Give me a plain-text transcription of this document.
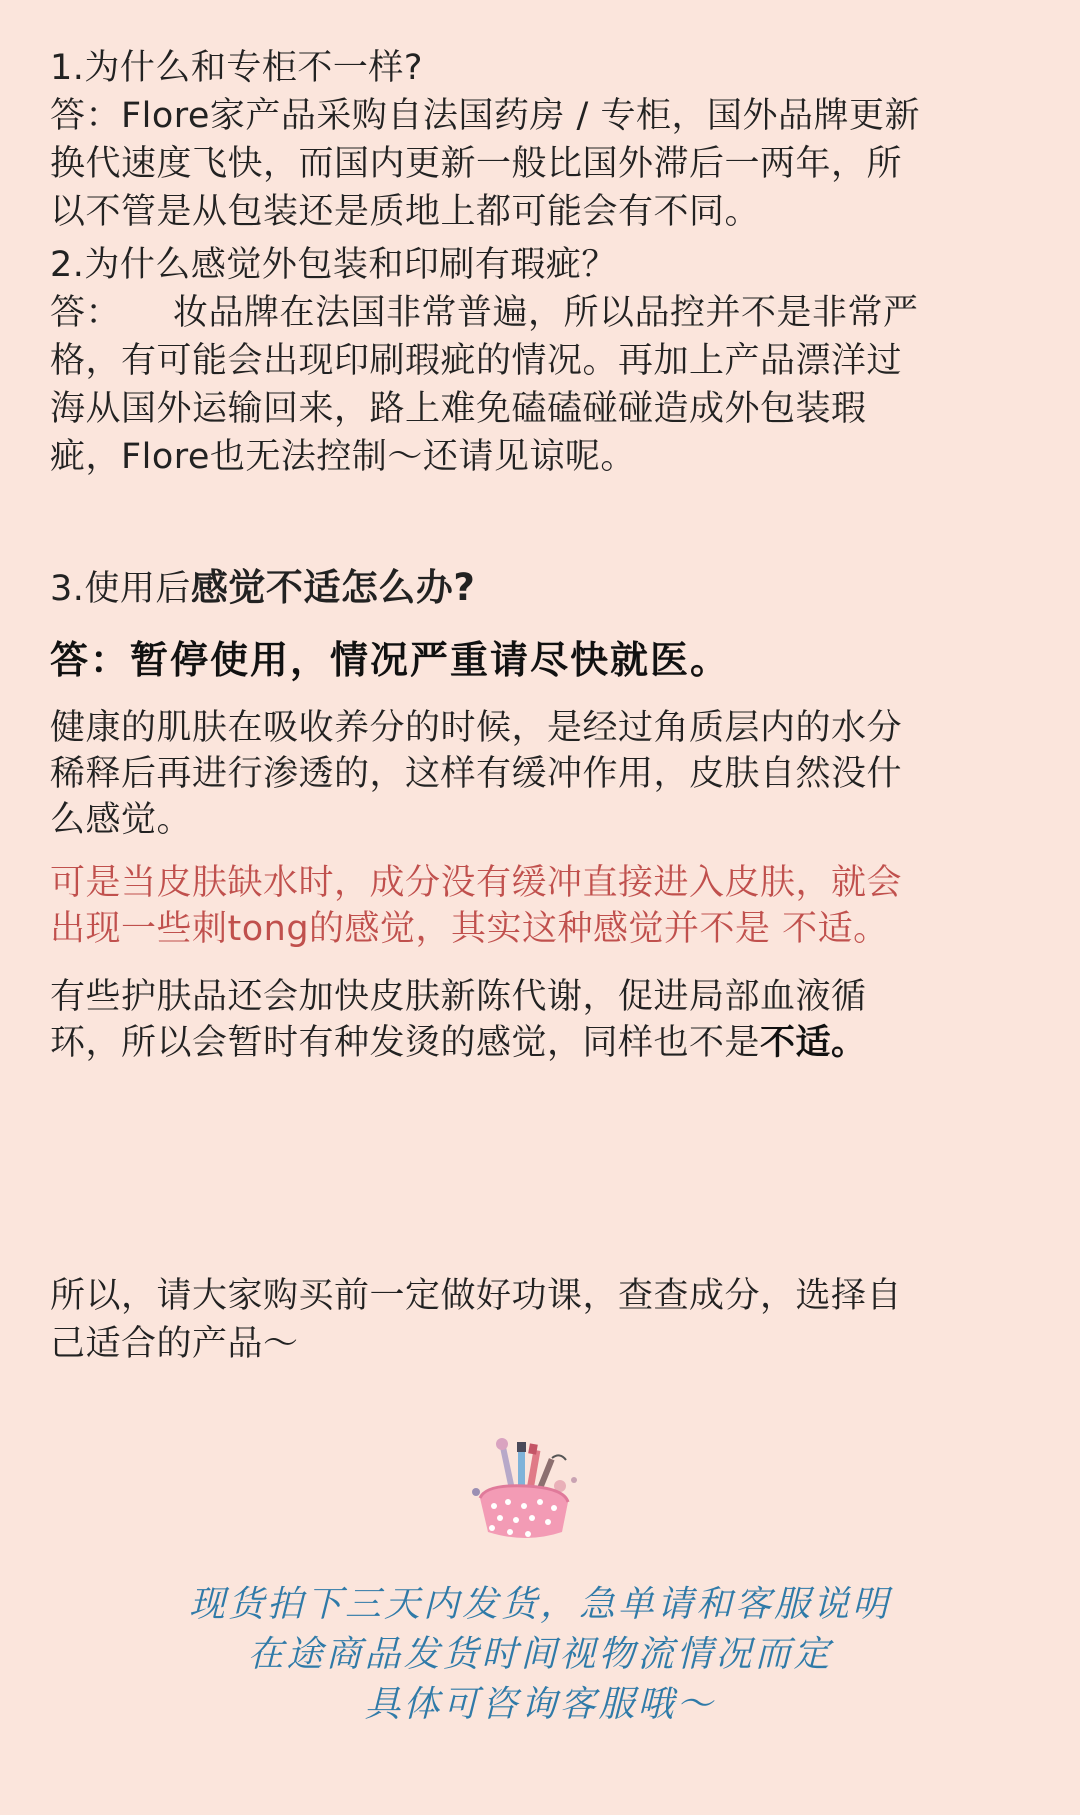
1.为什么和专柜不一样?

答：Flore家产品采购自法国药房 / 专柜，国外品牌更新

换代速度飞快，而国内更新一般比国外滞后一两年，所

以不管是从包装还是质地上都可能会有不同。

2.为什么感觉外包装和印刷有瑕疵？

答： 妆品牌在法国非常普遍，所以品控并不是非常严

格，有可能会出现印刷瑕疵的情况。再加上产品漂洋过

海从国外运输回来，路上难免磕磕碰碰造成外包装瑕

疵，Flore也无法控制～还请见谅呢。

3.使用后感觉不适怎么办?

答：暂停使用，情况严重请尽快就医。

健康的肌肤在吸收养分的时候，是经过角质层内的水分

稀释后再进行渗透的，这样有缓冲作用，皮肤自然没什

么感觉。

可是当皮肤缺水时，成分没有缓冲直接进入皮肤，就会

出现一些刺tong的感觉，其实这种感觉并不是 不适。

有些护肤品还会加快皮肤新陈代谢，促进局部血液循

环，所以会暂时有种发烫的感觉，同样也不是不适。

所以，请大家购买前一定做好功课，查查成分，选择自

己适合的产品～

现货拍下三天内发货，急单请和客服说明
在途商品发货时间视物流情况而定
具体可咨询客服哦～
